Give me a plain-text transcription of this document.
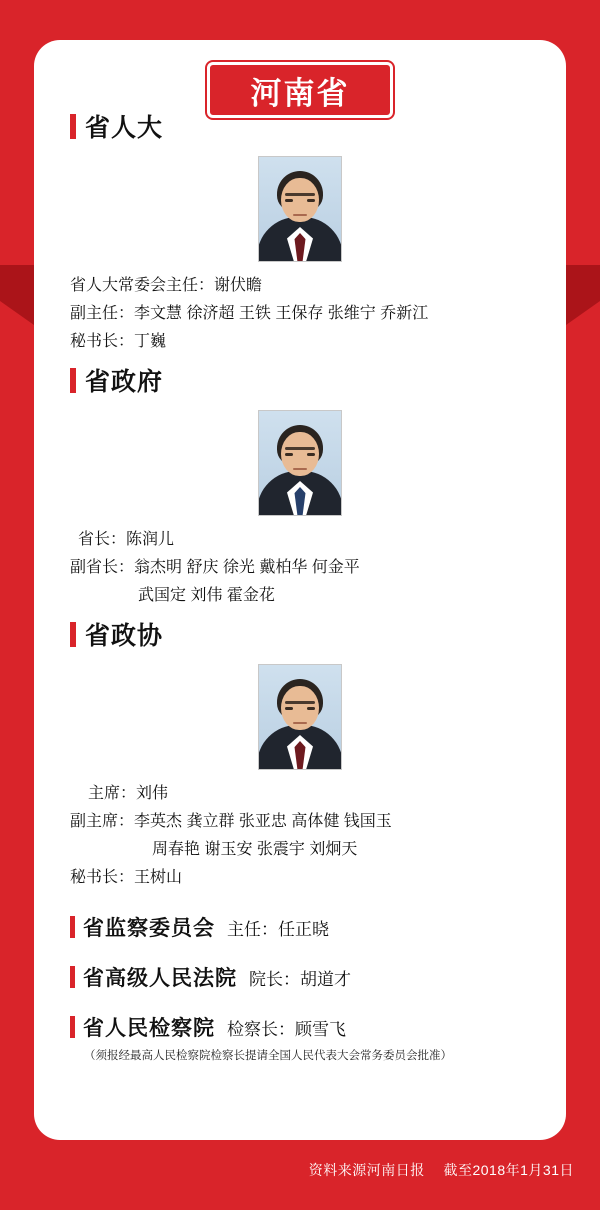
河南省
省人大
省人大常委会主任：谢伏瞻
副主任：李文慧 徐济超 王铁 王保存 张维宁 乔新江
秘书长：丁巍
省政府
省长：陈润儿
副省长：翁杰明 舒庆 徐光 戴柏华 何金平
武国定 刘伟 霍金花
省政协
主席：刘伟
副主席：李英杰 龚立群 张亚忠 高体健 钱国玉
周春艳 谢玉安 张震宇 刘炯天
秘书长：王树山
省监察委员会 主任：任正晓
省高级人民法院 院长：胡道才
省人民检察院 检察长：顾雪飞
（须报经最高人民检察院检察长提请全国人民代表大会常务委员会批准）
资料来源河南日报 截至2018年1月31日
